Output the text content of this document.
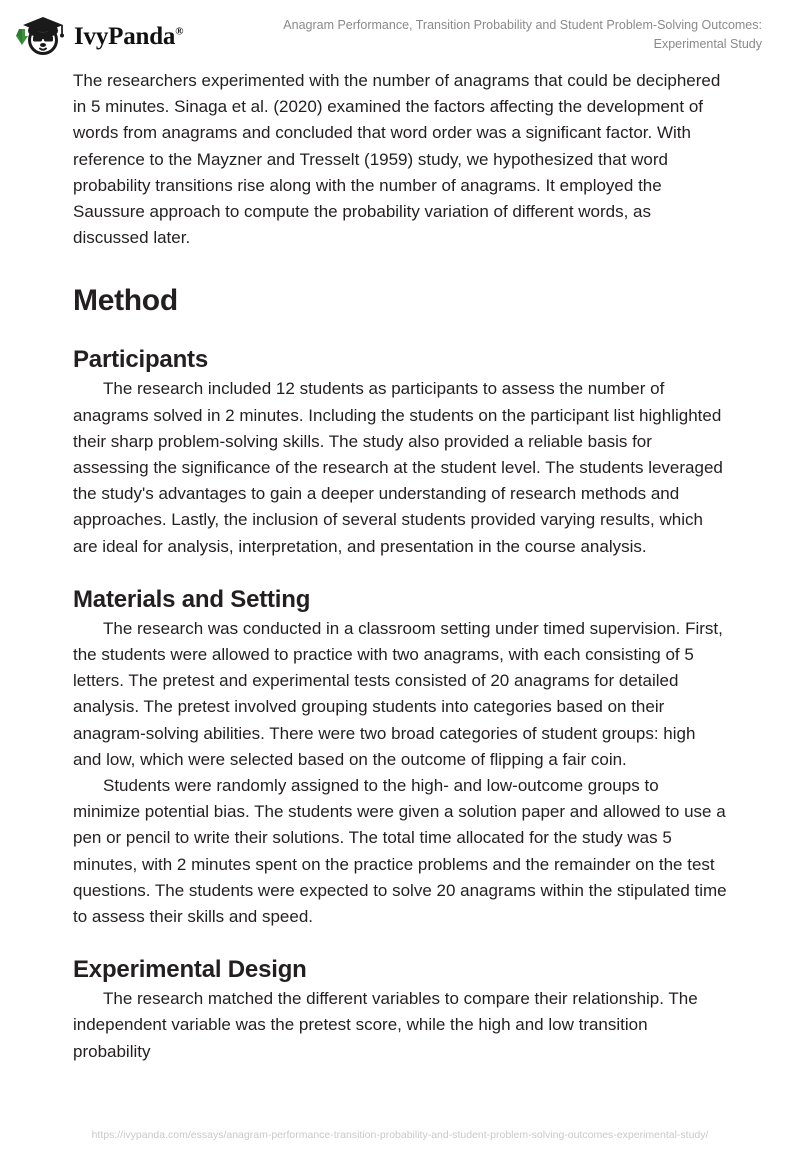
IvyPanda®	Anagram Performance, Transition Probability and Student Problem-Solving Outcomes: Experimental Study

The researchers experimented with the number of anagrams that could be deciphered in 5 minutes. Sinaga et al. (2020) examined the factors affecting the development of words from anagrams and concluded that word order was a significant factor. With reference to the Mayzner and Tresselt (1959) study, we hypothesized that word probability transitions rise along with the number of anagrams. It employed the Saussure approach to compute the probability variation of different words, as discussed later.

Method
Participants

The research included 12 students as participants to assess the number of anagrams solved in 2 minutes. Including the students on the participant list highlighted their sharp problem-solving skills. The study also provided a reliable basis for assessing the significance of the research at the student level. The students leveraged the study's advantages to gain a deeper understanding of research methods and approaches. Lastly, the inclusion of several students provided varying results, which are ideal for analysis, interpretation, and presentation in the course analysis.

Materials and Setting

The research was conducted in a classroom setting under timed supervision. First, the students were allowed to practice with two anagrams, with each consisting of 5 letters. The pretest and experimental tests consisted of 20 anagrams for detailed analysis. The pretest involved grouping students into categories based on their anagram-solving abilities. There were two broad categories of student groups: high and low, which were selected based on the outcome of flipping a fair coin.

Students were randomly assigned to the high- and low-outcome groups to minimize potential bias. The students were given a solution paper and allowed to use a pen or pencil to write their solutions. The total time allocated for the study was 5 minutes, with 2 minutes spent on the practice problems and the remainder on the test questions. The students were expected to solve 20 anagrams within the stipulated time to assess their skills and speed.

Experimental Design

The research matched the different variables to compare their relationship. The independent variable was the pretest score, while the high and low transition probability

https://ivypanda.com/essays/anagram-performance-transition-probability-and-student-problem-solving-outcomes-experimental-study/
